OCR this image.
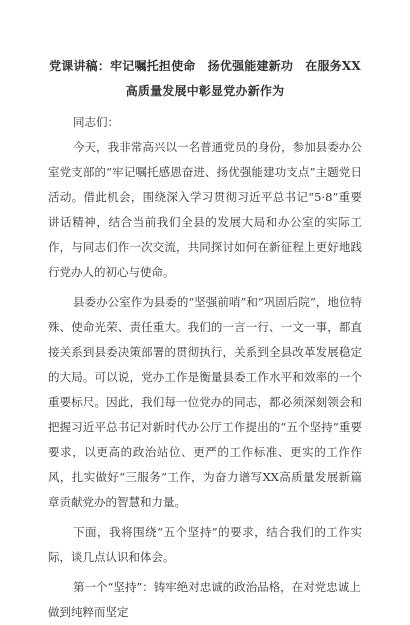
党课讲稿：牢记嘱托担使命　扬优强能建新功　在服务XX
高质量发展中彰显党办新作为

同志们：

今天，我非常高兴以一名普通党员的身份，参加县委办公室党支部的“牢记嘱托感恩奋进、扬优强能建功支点”主题党日活动。借此机会，围绕深入学习贯彻习近平总书记“5·8”重要讲话精神，结合当前我们全县的发展大局和办公室的实际工作，与同志们作一次交流，共同探讨如何在新征程上更好地践行党办人的初心与使命。

县委办公室作为县委的“坚强前哨”和“巩固后院”，地位特殊、使命光荣、责任重大。我们的一言一行、一文一事，都直接关系到县委决策部署的贯彻执行，关系到全县改革发展稳定的大局。可以说，党办工作是衡量县委工作水平和效率的一个重要标尺。因此，我们每一位党办的同志，都必须深刻领会和把握习近平总书记对新时代办公厅工作提出的“五个坚持”重要要求，以更高的政治站位、更严的工作标准、更实的工作作风，扎实做好“三服务”工作，为奋力谱写XX高质量发展新篇章贡献党办的智慧和力量。

下面，我将围绕“五个坚持”的要求，结合我们的工作实际，谈几点认识和体会。

第一个“坚持”：铸牢绝对忠诚的政治品格，在对党忠诚上做到纯粹而坚定
